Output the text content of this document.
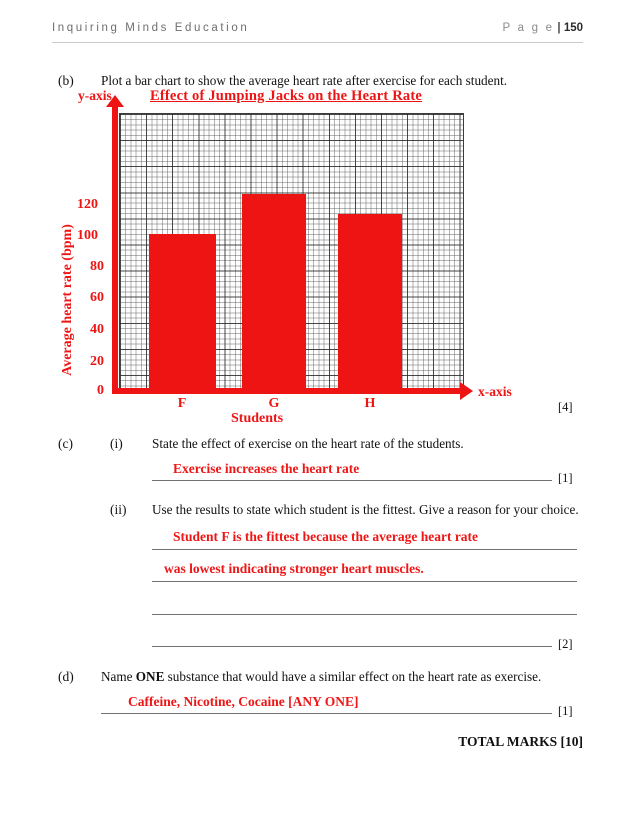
Inquiring Minds Education	P a g e | 150
(b) Plot a bar chart to show the average heart rate after exercise for each student.
[4]
Effect of Jumping Jacks on the Heart Rate
y-axis
x-axis
Average heart rate (bpm)
0
20
40
60
80
100
120
F	G	H
Students
(c)	(i) State the effect of exercise on the heart rate of the students.
Exercise increases the heart rate
[1]
(ii) Use the results to state which student is the fittest. Give a reason for your choice.
Student F is the fittest because the average heart rate
was lowest indicating stronger heart muscles.
[2]
(d) Name ONE substance that would have a similar effect on the heart rate as exercise.
Caffeine, Nicotine, Cocaine [ANY ONE]
[1]
TOTAL MARKS [10]
